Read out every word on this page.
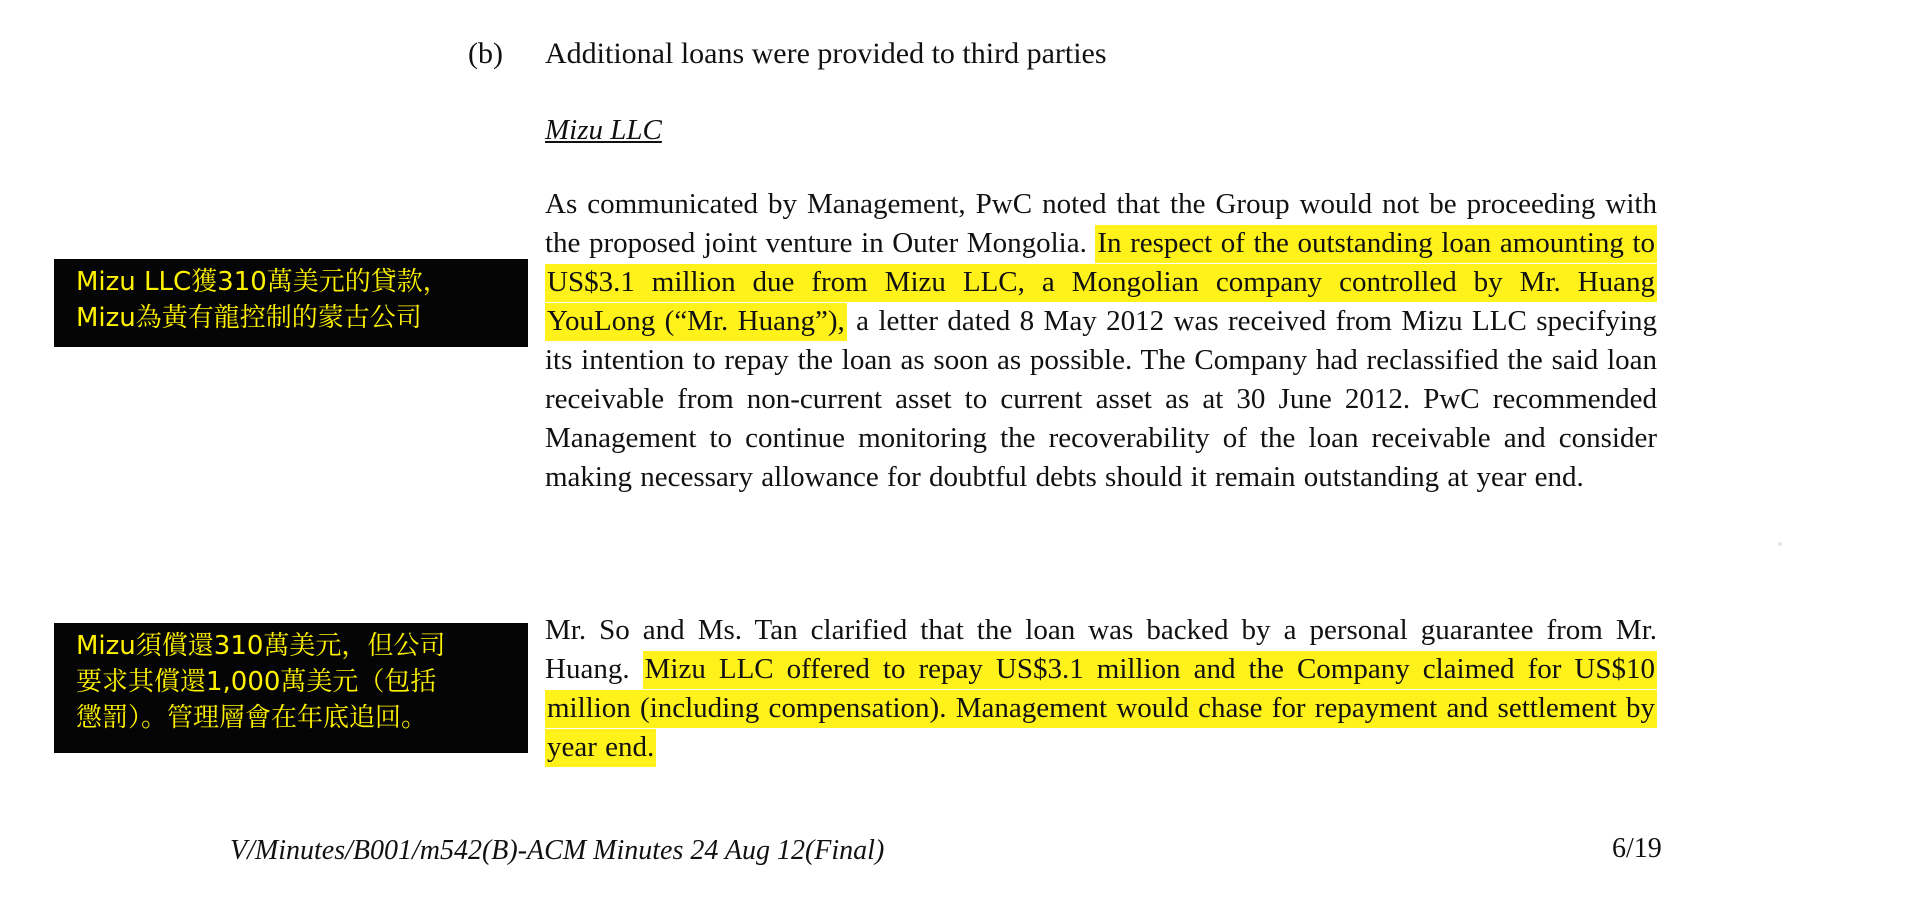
(b) Additional loans were provided to third parties
Mizu LLC
As communicated by Management, PwC noted that the Group would not be proceeding with the proposed joint venture in Outer Mongolia. In respect of the outstanding loan amounting to US$3.1 million due from Mizu LLC, a Mongolian company controlled by Mr. Huang YouLong (“Mr. Huang”), a letter dated 8 May 2012 was received from Mizu LLC specifying its intention to repay the loan as soon as possible. The Company had reclassified the said loan receivable from non-current asset to current asset as at 30 June 2012. PwC recommended Management to continue monitoring the recoverability of the loan receivable and consider making necessary allowance for doubtful debts should it remain outstanding at year end.
Mr. So and Ms. Tan clarified that the loan was backed by a personal guarantee from Mr. Huang. Mizu LLC offered to repay US$3.1 million and the Company claimed for US$10 million (including compensation). Management would chase for repayment and settlement by year end.
Mizu LLC獲310萬美元的貸款，
Mizu為黃有龍控制的蒙古公司
Mizu須償還310萬美元，但公司
要求其償還1,000萬美元（包括
懲罰）。管理層會在年底追回。
V/Minutes/B001/m542(B)-ACM Minutes 24 Aug 12(Final)	6/19
